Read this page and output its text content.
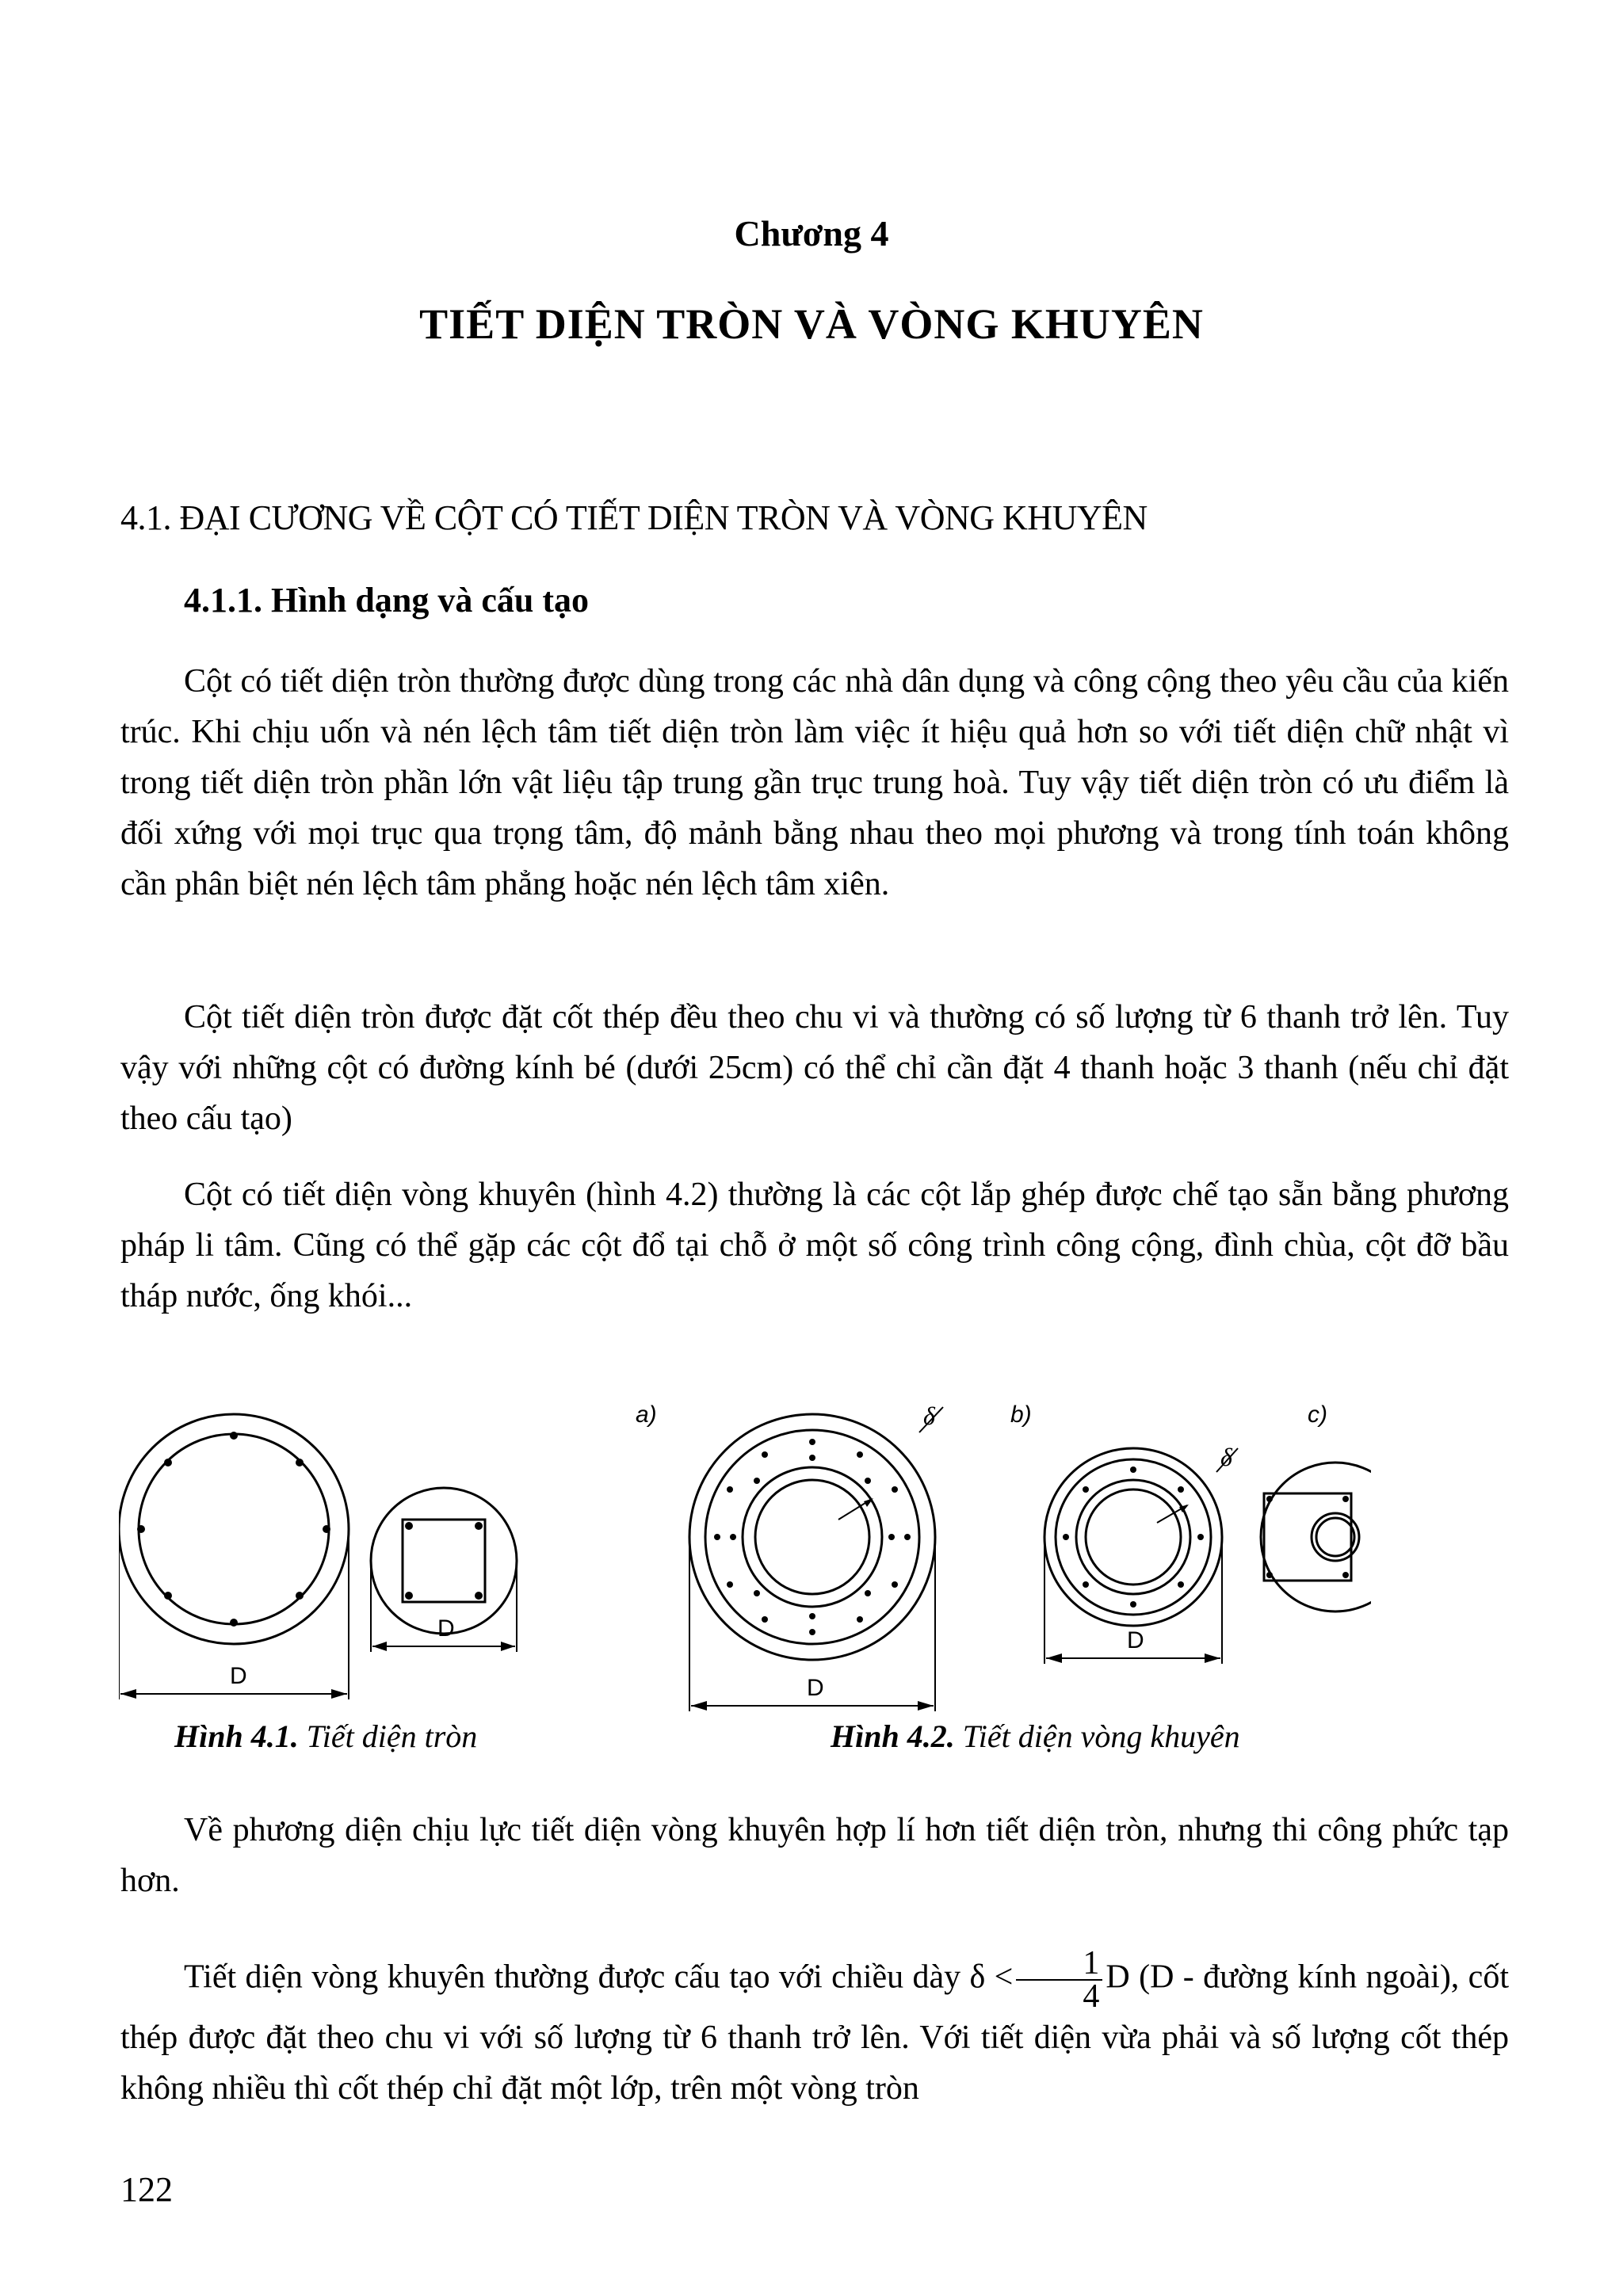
Chương 4
TIẾT DIỆN TRÒN VÀ VÒNG KHUYÊN
4.1. ĐẠI CƯƠNG VỀ CỘT CÓ TIẾT DIỆN TRÒN VÀ VÒNG KHUYÊN
4.1.1. Hình dạng và cấu tạo

Cột có tiết diện tròn thường được dùng trong các nhà dân dụng và công cộng theo yêu cầu của kiến trúc. Khi chịu uốn và nén lệch tâm tiết diện tròn làm việc ít hiệu quả hơn so với tiết diện chữ nhật vì trong tiết diện tròn phần lớn vật liệu tập trung gần trục trung hoà. Tuy vậy tiết diện tròn có ưu điểm là đối xứng với mọi trục qua trọng tâm, độ mảnh bằng nhau theo mọi phương và trong tính toán không cần phân biệt nén lệch tâm phẳng hoặc nén lệch tâm xiên.

Cột tiết diện tròn được đặt cốt thép đều theo chu vi và thường có số lượng từ 6 thanh trở lên. Tuy vậy với những cột có đường kính bé (dưới 25cm) có thể chỉ cần đặt 4 thanh hoặc 3 thanh (nếu chỉ đặt theo cấu tạo)

Cột có tiết diện vòng khuyên (hình 4.2) thường là các cột lắp ghép được chế tạo sẵn bằng phương pháp li tâm. Cũng có thể gặp các cột đổ tại chỗ ở một số công trình công cộng, đình chùa, cột đỡ bầu tháp nước, ống khói...

D
D
a)	δ
D
b)
δ
D
c)
Hình 4.1. Tiết diện tròn	Hình 4.2. Tiết diện vòng khuyên

Về phương diện chịu lực tiết diện vòng khuyên hợp lí hơn tiết diện tròn, nhưng thi công phức tạp hơn.

Tiết diện vòng khuyên thường được cấu tạo với chiều dày $\delta < \frac{1}{4}$ D (D - đường kính ngoài), cốt thép được đặt theo chu vi với số lượng từ 6 thanh trở lên. Với tiết diện vừa phải và số lượng cốt thép không nhiều thì cốt thép chỉ đặt một lớp, trên một vòng tròn

122
